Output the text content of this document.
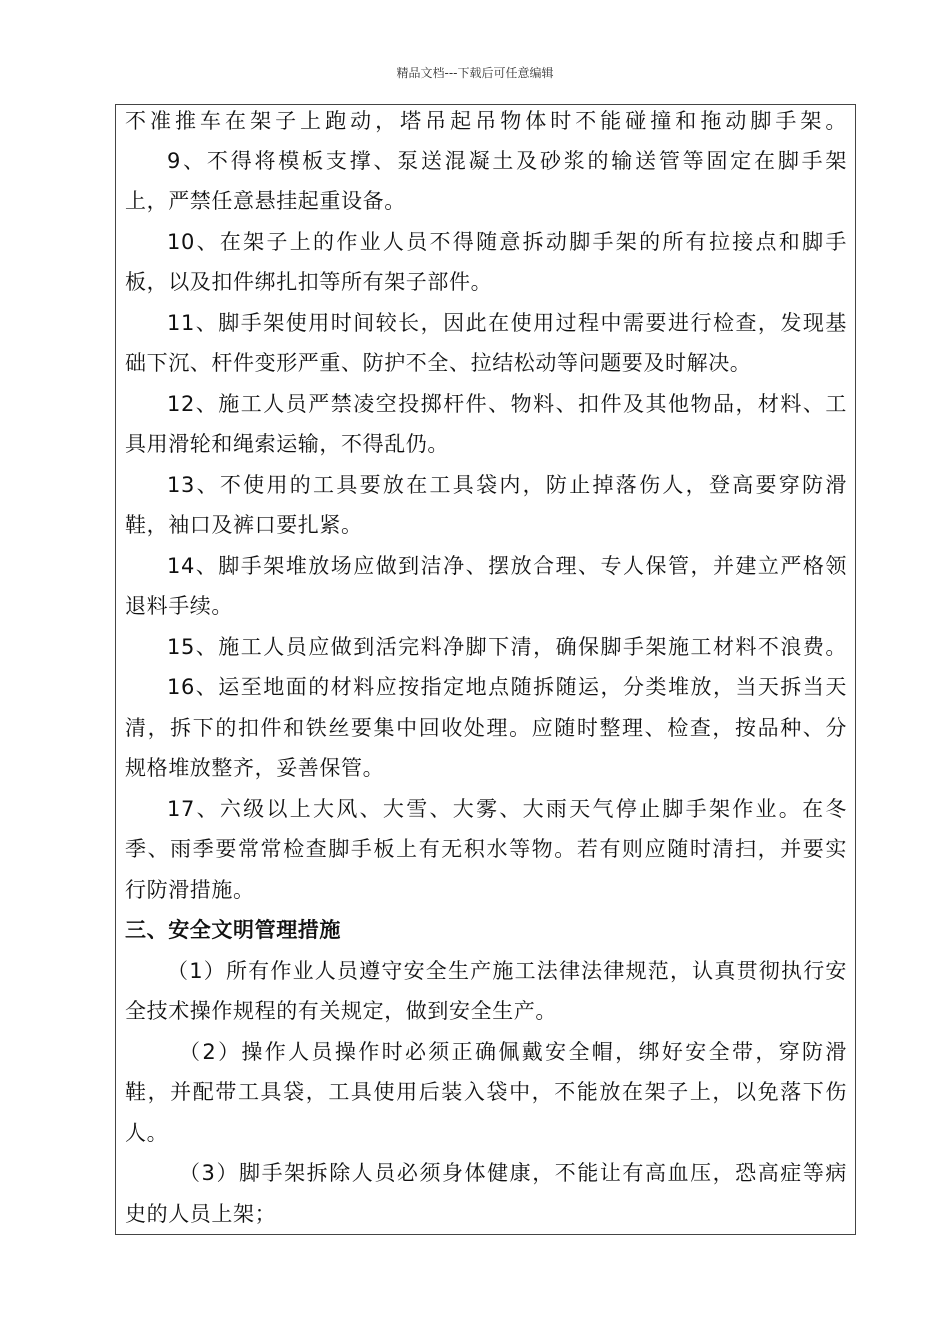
精品文档---下载后可任意编辑
不准推车在架子上跑动，塔吊起吊物体时不能碰撞和拖动脚手架。
9、不得将模板支撑、泵送混凝土及砂浆的输送管等固定在脚手架
上，严禁任意悬挂起重设备。
10、在架子上的作业人员不得随意拆动脚手架的所有拉接点和脚手
板，以及扣件绑扎扣等所有架子部件。
11、脚手架使用时间较长，因此在使用过程中需要进行检查，发现基
础下沉、杆件变形严重、防护不全、拉结松动等问题要及时解决。
12、施工人员严禁凌空投掷杆件、物料、扣件及其他物品，材料、工
具用滑轮和绳索运输，不得乱仍。
13、不使用的工具要放在工具袋内，防止掉落伤人，登高要穿防滑
鞋，袖口及裤口要扎紧。
14、脚手架堆放场应做到洁净、摆放合理、专人保管，并建立严格领
退料手续。
15、施工人员应做到活完料净脚下清，确保脚手架施工材料不浪费。
16、运至地面的材料应按指定地点随拆随运，分类堆放，当天拆当天
清，拆下的扣件和铁丝要集中回收处理。应随时整理、检查，按品种、分
规格堆放整齐，妥善保管。
17、六级以上大风、大雪、大雾、大雨天气停止脚手架作业。在冬
季、雨季要常常检查脚手板上有无积水等物。若有则应随时清扫，并要实
行防滑措施。
三、安全文明管理措施
（1）所有作业人员遵守安全生产施工法律法律规范，认真贯彻执行安
全技术操作规程的有关规定，做到安全生产。
（2）操作人员操作时必须正确佩戴安全帽，绑好安全带，穿防滑
鞋，并配带工具袋，工具使用后装入袋中，不能放在架子上，以免落下伤
人。
（3）脚手架拆除人员必须身体健康，不能让有高血压，恐高症等病
史的人员上架；
